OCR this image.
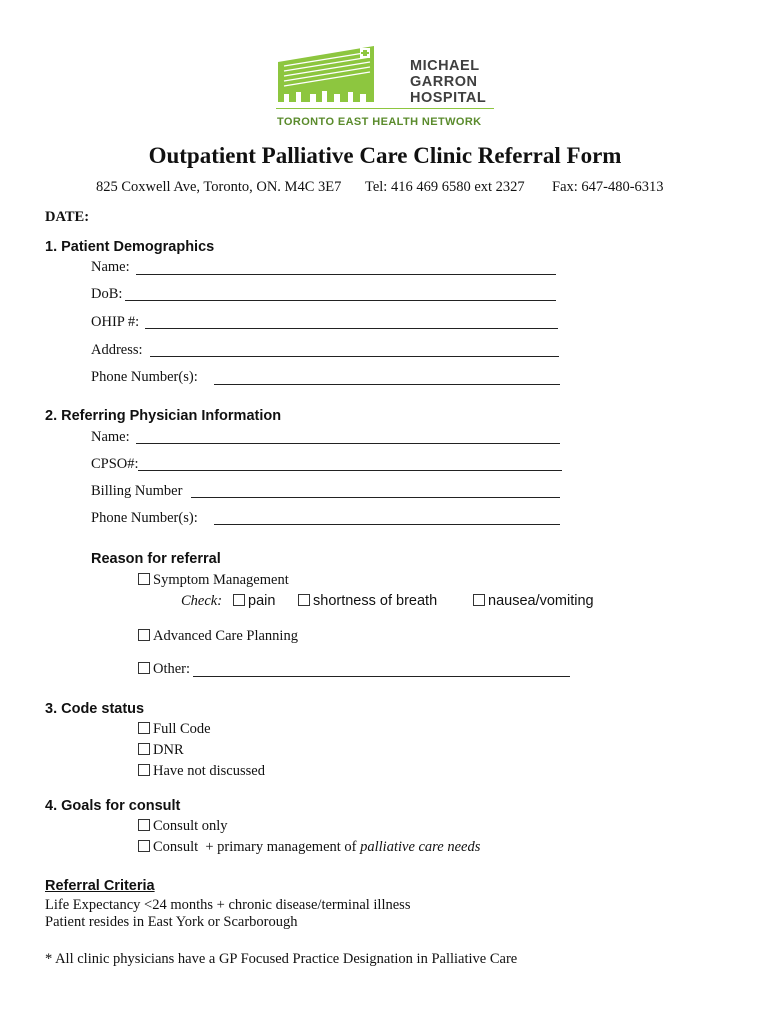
MICHAEL
GARRON
HOSPITAL
TORONTO EAST HEALTH NETWORK
Outpatient Palliative Care Clinic Referral Form
825 Coxwell Ave, Toronto, ON. M4C 3E7 Tel: 416 469 6580 ext 2327 Fax: 647-480-6313
DATE:
1. Patient Demographics
Name:
DoB:
OHIP #:
Address:
Phone Number(s):
2. Referring Physician Information
Name:
CPSO#:
Billing Number
Phone Number(s):
Reason for referral
Symptom Management
Check:	pain	shortness of breath	nausea/vomiting
Advanced Care Planning
Other:
3. Code status
Full Code
DNR
Have not discussed
4. Goals for consult
Consult only
Consult  + primary management of palliative care needs
Referral Criteria
Life Expectancy <24 months + chronic disease/terminal illness
Patient resides in East York or Scarborough
* All clinic physicians have a GP Focused Practice Designation in Palliative Care
